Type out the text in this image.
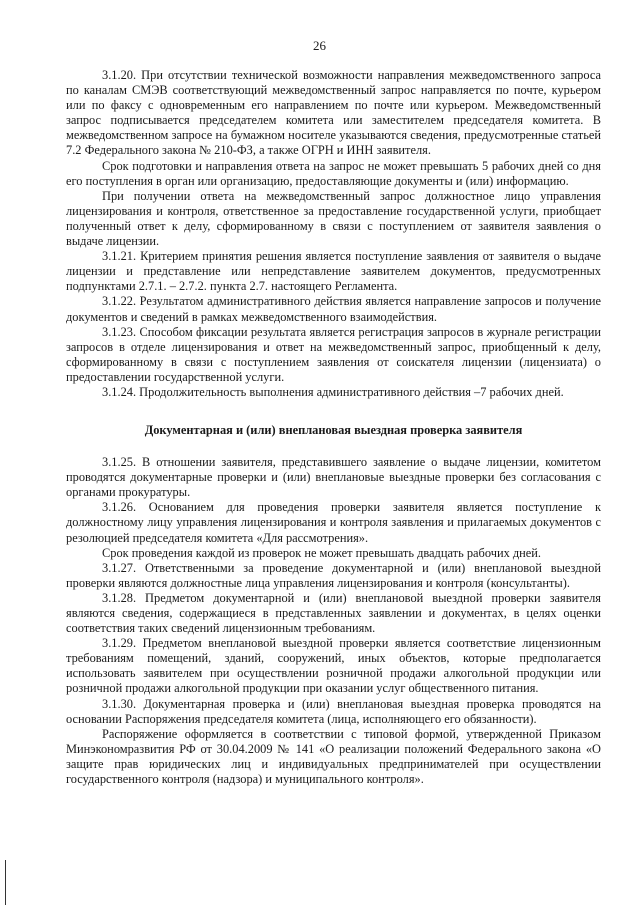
26

3.1.20. При отсутствии технической возможности направления межведомственного запроса по каналам СМЭВ соответствующий межведомственный запрос направляется по почте, курьером или по факсу с одновременным его направлением по почте или курьером. Межведомственный запрос подписывается председателем комитета или заместителем председателя комитета. В межведомственном запросе на бумажном носителе указываются сведения, предусмотренные статьей 7.2 Федерального закона № 210-ФЗ, а также ОГРН и ИНН заявителя.

Срок подготовки и направления ответа на запрос не может превышать 5 рабочих дней со дня его поступления в орган или организацию, предоставляющие документы и (или) информацию.

При получении ответа на межведомственный запрос должностное лицо управления лицензирования и контроля, ответственное за предоставление государственной услуги, приобщает полученный ответ к делу, сформированному в связи с поступлением от заявителя заявления о выдаче лицензии.

3.1.21. Критерием принятия решения является поступление заявления от заявителя о выдаче лицензии и представление или непредставление заявителем документов, предусмотренных подпунктами 2.7.1. – 2.7.2. пункта 2.7. настоящего Регламента.

3.1.22. Результатом административного действия является направление запросов и получение документов и сведений в рамках межведомственного взаимодействия.

3.1.23. Способом фиксации результата является регистрация запросов в журнале регистрации запросов в отделе лицензирования и ответ на межведомственный запрос, приобщенный к делу, сформированному в связи с поступлением заявления от соискателя лицензии (лицензиата) о предоставлении государственной услуги.

3.1.24. Продолжительность выполнения административного действия –7 рабочих дней.

Документарная и (или) внеплановая выездная проверка заявителя

3.1.25. В отношении заявителя, представившего заявление о выдаче лицензии, комитетом проводятся документарные проверки и (или) внеплановые выездные проверки без согласования с органами прокуратуры.

3.1.26. Основанием для проведения проверки заявителя является поступление к должностному лицу управления лицензирования и контроля заявления и прилагаемых документов с резолюцией председателя комитета «Для рассмотрения».

Срок проведения каждой из проверок не может превышать двадцать рабочих дней.

3.1.27. Ответственными за проведение документарной и (или) внеплановой выездной проверки являются должностные лица управления лицензирования и контроля (консультанты).

3.1.28. Предметом документарной и (или) внеплановой выездной проверки заявителя являются сведения, содержащиеся в представленных заявлении и документах, в целях оценки соответствия таких сведений лицензионным требованиям.

3.1.29. Предметом внеплановой выездной проверки является соответствие лицензионным требованиям помещений, зданий, сооружений, иных объектов, которые предполагается использовать заявителем при осуществлении розничной продажи алкогольной продукции или розничной продажи алкогольной продукции при оказании услуг общественного питания.

3.1.30. Документарная проверка и (или) внеплановая выездная проверка проводятся на основании Распоряжения председателя комитета (лица, исполняющего его обязанности).

Распоряжение оформляется в соответствии с типовой формой, утвержденной Приказом Минэкономразвития РФ от 30.04.2009 № 141 «О реализации положений Федерального закона «О защите прав юридических лиц и индивидуальных предпринимателей при осуществлении государственного контроля (надзора) и муниципального контроля».
